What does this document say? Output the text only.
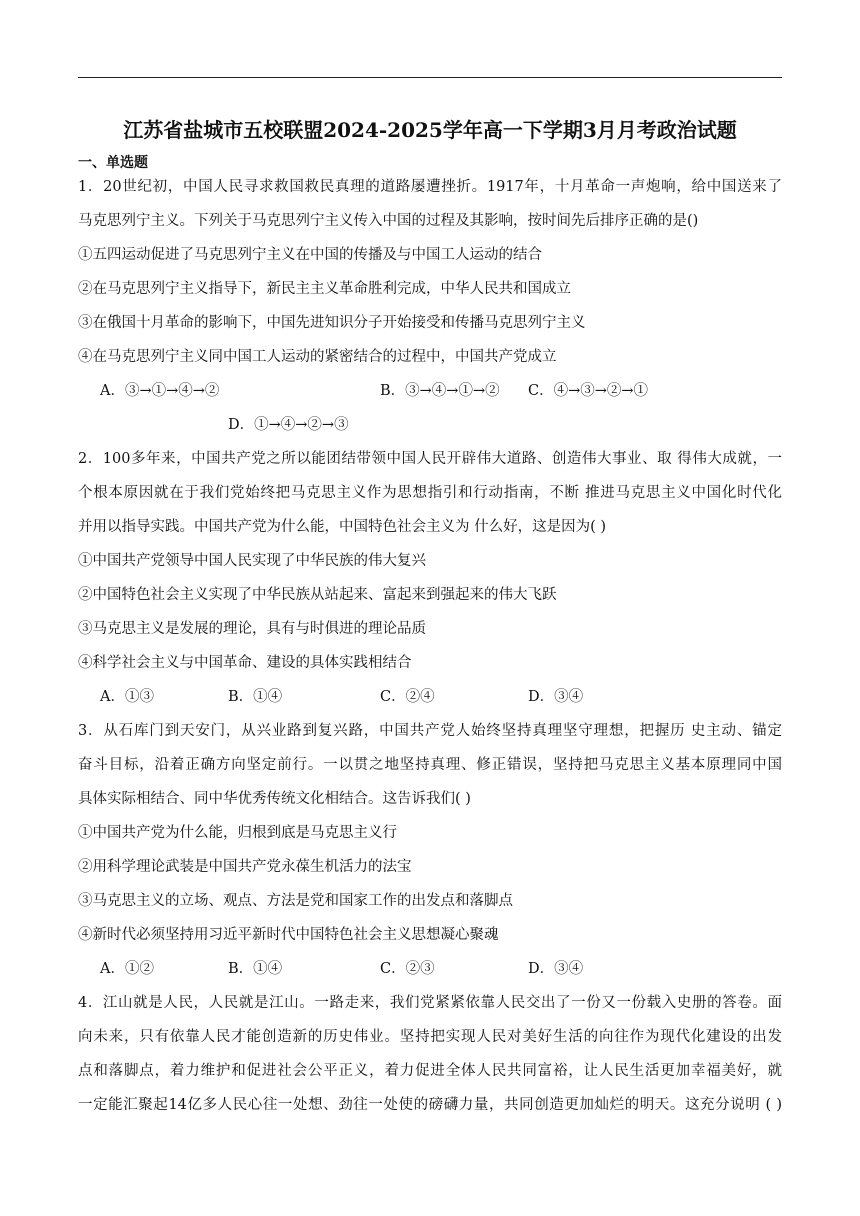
江苏省盐城市五校联盟2024-2025学年高一下学期3月月考政治试题
一、单选题
1．20世纪初，中国人民寻求救国救民真理的道路屡遭挫折。1917年，十月革命一声炮响，给中国送来了
马克思列宁主义。下列关于马克思列宁主义传入中国的过程及其影响，按时间先后排序正确的是()
①五四运动促进了马克思列宁主义在中国的传播及与中国工人运动的结合
②在马克思列宁主义指导下，新民主主义革命胜利完成，中华人民共和国成立
③在俄国十月革命的影响下，中国先进知识分子开始接受和传播马克思列宁主义
④在马克思列宁主义同中国工人运动的紧密结合的过程中，中国共产党成立
A．③→①→④→②	B．③→④→①→② C．④→③→②→①
D．①→④→②→③
2．100多年来，中国共产党之所以能团结带领中国人民开辟伟大道路、创造伟大事业、取 得伟大成就，一
个根本原因就在于我们党始终把马克思主义作为思想指引和行动指南，不断 推进马克思主义中国化时代化
并用以指导实践。中国共产党为什么能，中国特色社会主义为 什么好，这是因为( )
①中国共产党领导中国人民实现了中华民族的伟大复兴
②中国特色社会主义实现了中华民族从站起来、富起来到强起来的伟大飞跃
③马克思主义是发展的理论，具有与时俱进的理论品质
④科学社会主义与中国革命、建设的具体实践相结合
A．①③	B．①④	C．②④	D．③④
3．从石库门到天安门，从兴业路到复兴路，中国共产党人始终坚持真理坚守理想，把握历 史主动、锚定
奋斗目标，沿着正确方向坚定前行。一以贯之地坚持真理、修正错误，坚持把马克思主义基本原理同中国
具体实际相结合、同中华优秀传统文化相结合。这告诉我们( )
①中国共产党为什么能，归根到底是马克思主义行
②用科学理论武装是中国共产党永葆生机活力的法宝
③马克思主义的立场、观点、方法是党和国家工作的出发点和落脚点
④新时代必须坚持用习近平新时代中国特色社会主义思想凝心聚魂
A．①②	B．①④	C．②③	D．③④
4．江山就是人民，人民就是江山。一路走来，我们党紧紧依靠人民交出了一份又一份载入史册的答卷。面
向未来，只有依靠人民才能创造新的历史伟业。坚持把实现人民对美好生活的向往作为现代化建设的出发
点和落脚点，着力维护和促进社会公平正义，着力促进全体人民共同富裕，让人民生活更加幸福美好，就
一定能汇聚起14亿多人民心往一处想、劲往一处使的磅礴力量，共同创造更加灿烂的明天。这充分说明 ( )
